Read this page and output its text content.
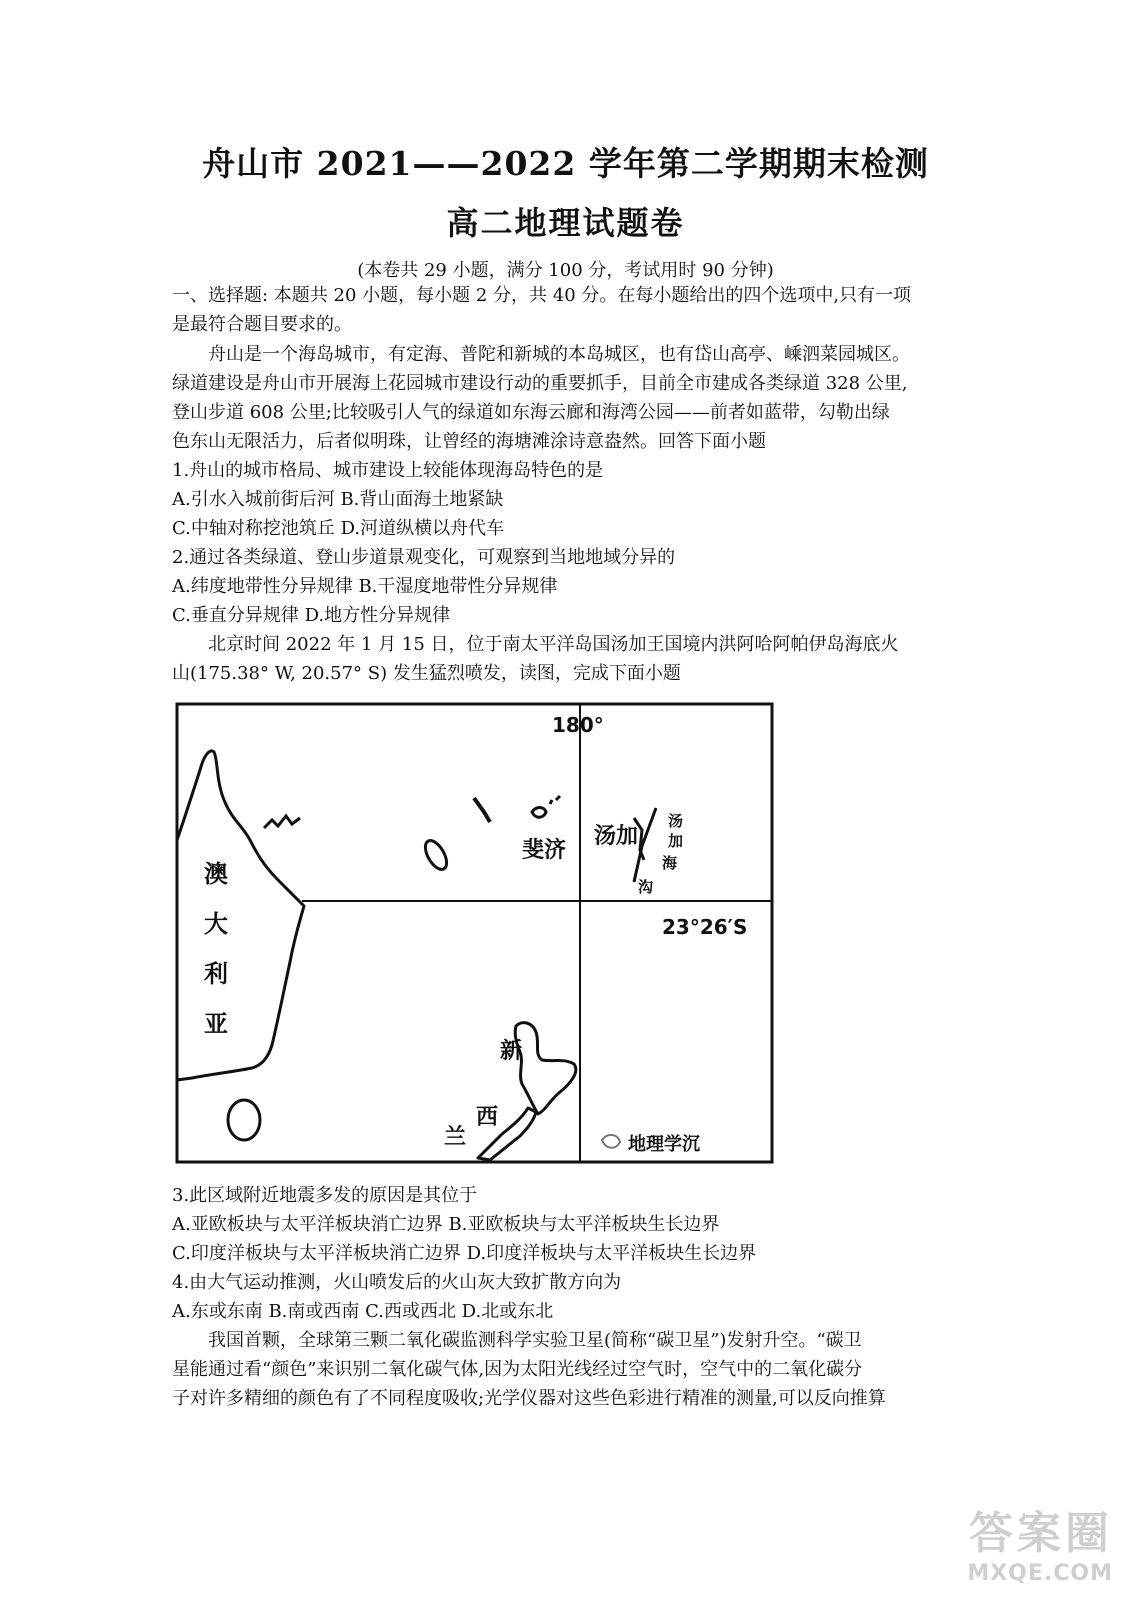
舟山市 2021——2022 学年第二学期期末检测
高二地理试题卷
(本卷共 29 小题，满分 100 分，考试用时 90 分钟)
一、选择题: 本题共 20 小题，每小题 2 分，共 40 分。在每小题给出的四个选项中,只有一项
是最符合题目要求的。
舟山是一个海岛城市，有定海、普陀和新城的本岛城区，也有岱山高亭、嵊泗菜园城区。
绿道建设是舟山市开展海上花园城市建设行动的重要抓手，目前全市建成各类绿道 328 公里,
登山步道 608 公里;比较吸引人气的绿道如东海云廊和海湾公园——前者如蓝带，勾勒出绿
色东山无限活力，后者似明珠，让曾经的海塘滩涂诗意盎然。回答下面小题
1.舟山的城市格局、城市建设上较能体现海岛特色的是
A.引水入城前街后河 B.背山面海土地紧缺
C.中轴对称挖池筑丘 D.河道纵横以舟代车
2.通过各类绿道、登山步道景观变化，可观察到当地地域分异的
A.纬度地带性分异规律 B.干湿度地带性分异规律
C.垂直分异规律 D.地方性分异规律
北京时间 2022 年 1 月 15 日，位于南太平洋岛国汤加王国境内洪阿哈阿帕伊岛海底火
山(175.38° W, 20.57° S) 发生猛烈喷发，读图，完成下面小题
180°
23°26′S
澳
大
利
亚
斐济
汤加
汤
加
海
沟
新
西
兰	地理学沉
3.此区域附近地震多发的原因是其位于
A.亚欧板块与太平洋板块消亡边界 B.亚欧板块与太平洋板块生长边界
C.印度洋板块与太平洋板块消亡边界 D.印度洋板块与太平洋板块生长边界
4.由大气运动推测，火山喷发后的火山灰大致扩散方向为
A.东或东南 B.南或西南 C.西或西北 D.北或东北
我国首颗，全球第三颗二氧化碳监测科学实验卫星(简称“碳卫星”)发射升空。“碳卫
星能通过看“颜色”来识别二氧化碳气体,因为太阳光线经过空气时，空气中的二氧化碳分
子对许多精细的颜色有了不同程度吸收;光学仪器对这些色彩进行精准的测量,可以反向推算
答案圈
MXQE.COM
